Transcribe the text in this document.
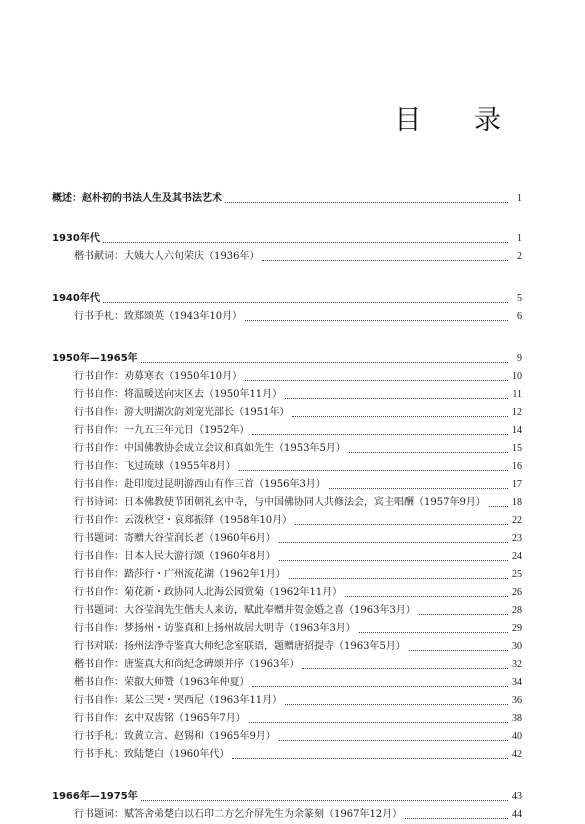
目 录
概述：赵朴初的书法人生及其书法艺术	1
1930年代	1
楷书献词：大姨大人六旬荣庆（1936年）	2
1940年代	5
行书手札：致郑颂英（1943年10月）	6
1950年—1965年	9
行书自作：劝募寒衣（1950年10月）	10
行书自作：将温暖送向灾区去（1950年11月）	11
行书自作：游大明湖次韵刘宠光部长（1951年）	12
行书自作：一九五三年元日（1952年）	14
行书自作：中国佛教协会成立会议和真如先生（1953年5月）	15
行书自作：飞过琉球（1955年8月）	16
行书自作：赴印度过昆明游西山有作三首（1956年3月）	17
行书诗词：日本佛教使节团朝礼玄中寺，与中国佛协同人共修法会，宾主唱酬（1957年9月）	18
行书自作：云泼秋空・哀郑振铎（1958年10月）	22
行书题词：寄赠大谷莹润长老（1960年6月）	23
行书自作：日本人民大游行颂（1960年8月）	24
行书自作：踏莎行・广州流花湖（1962年1月）	25
行书自作：菊花新・政协同人北海公园赏菊（1962年11月）	26
行书题词：大谷莹润先生偕夫人来访，赋此奉赠并贺金婚之喜（1963年3月）	28
行书自作：梦扬州・访鉴真和上扬州故居大明寺（1963年3月）	29
行书对联：扬州法净寺鉴真大师纪念室联语，题赠唐招提寺（1963年5月）	30
楷书自作：唐鉴真大和尚纪念碑颂并序（1963年）	32
楷书自作：荣叡大师赞（1963年仲夏）	34
行书自作：某公三哭・哭西尼（1963年11月）	36
行书自作：玄中双齿铭（1965年7月）	38
行书手札：致黄立言、赵锡和（1965年9月）	40
行书手札：致陆楚白（1960年代）	42
1966年—1975年	43
行书题词：赋答舍弟楚白以石印二方乞介屏先生为余篆刻（1967年12月）	44
